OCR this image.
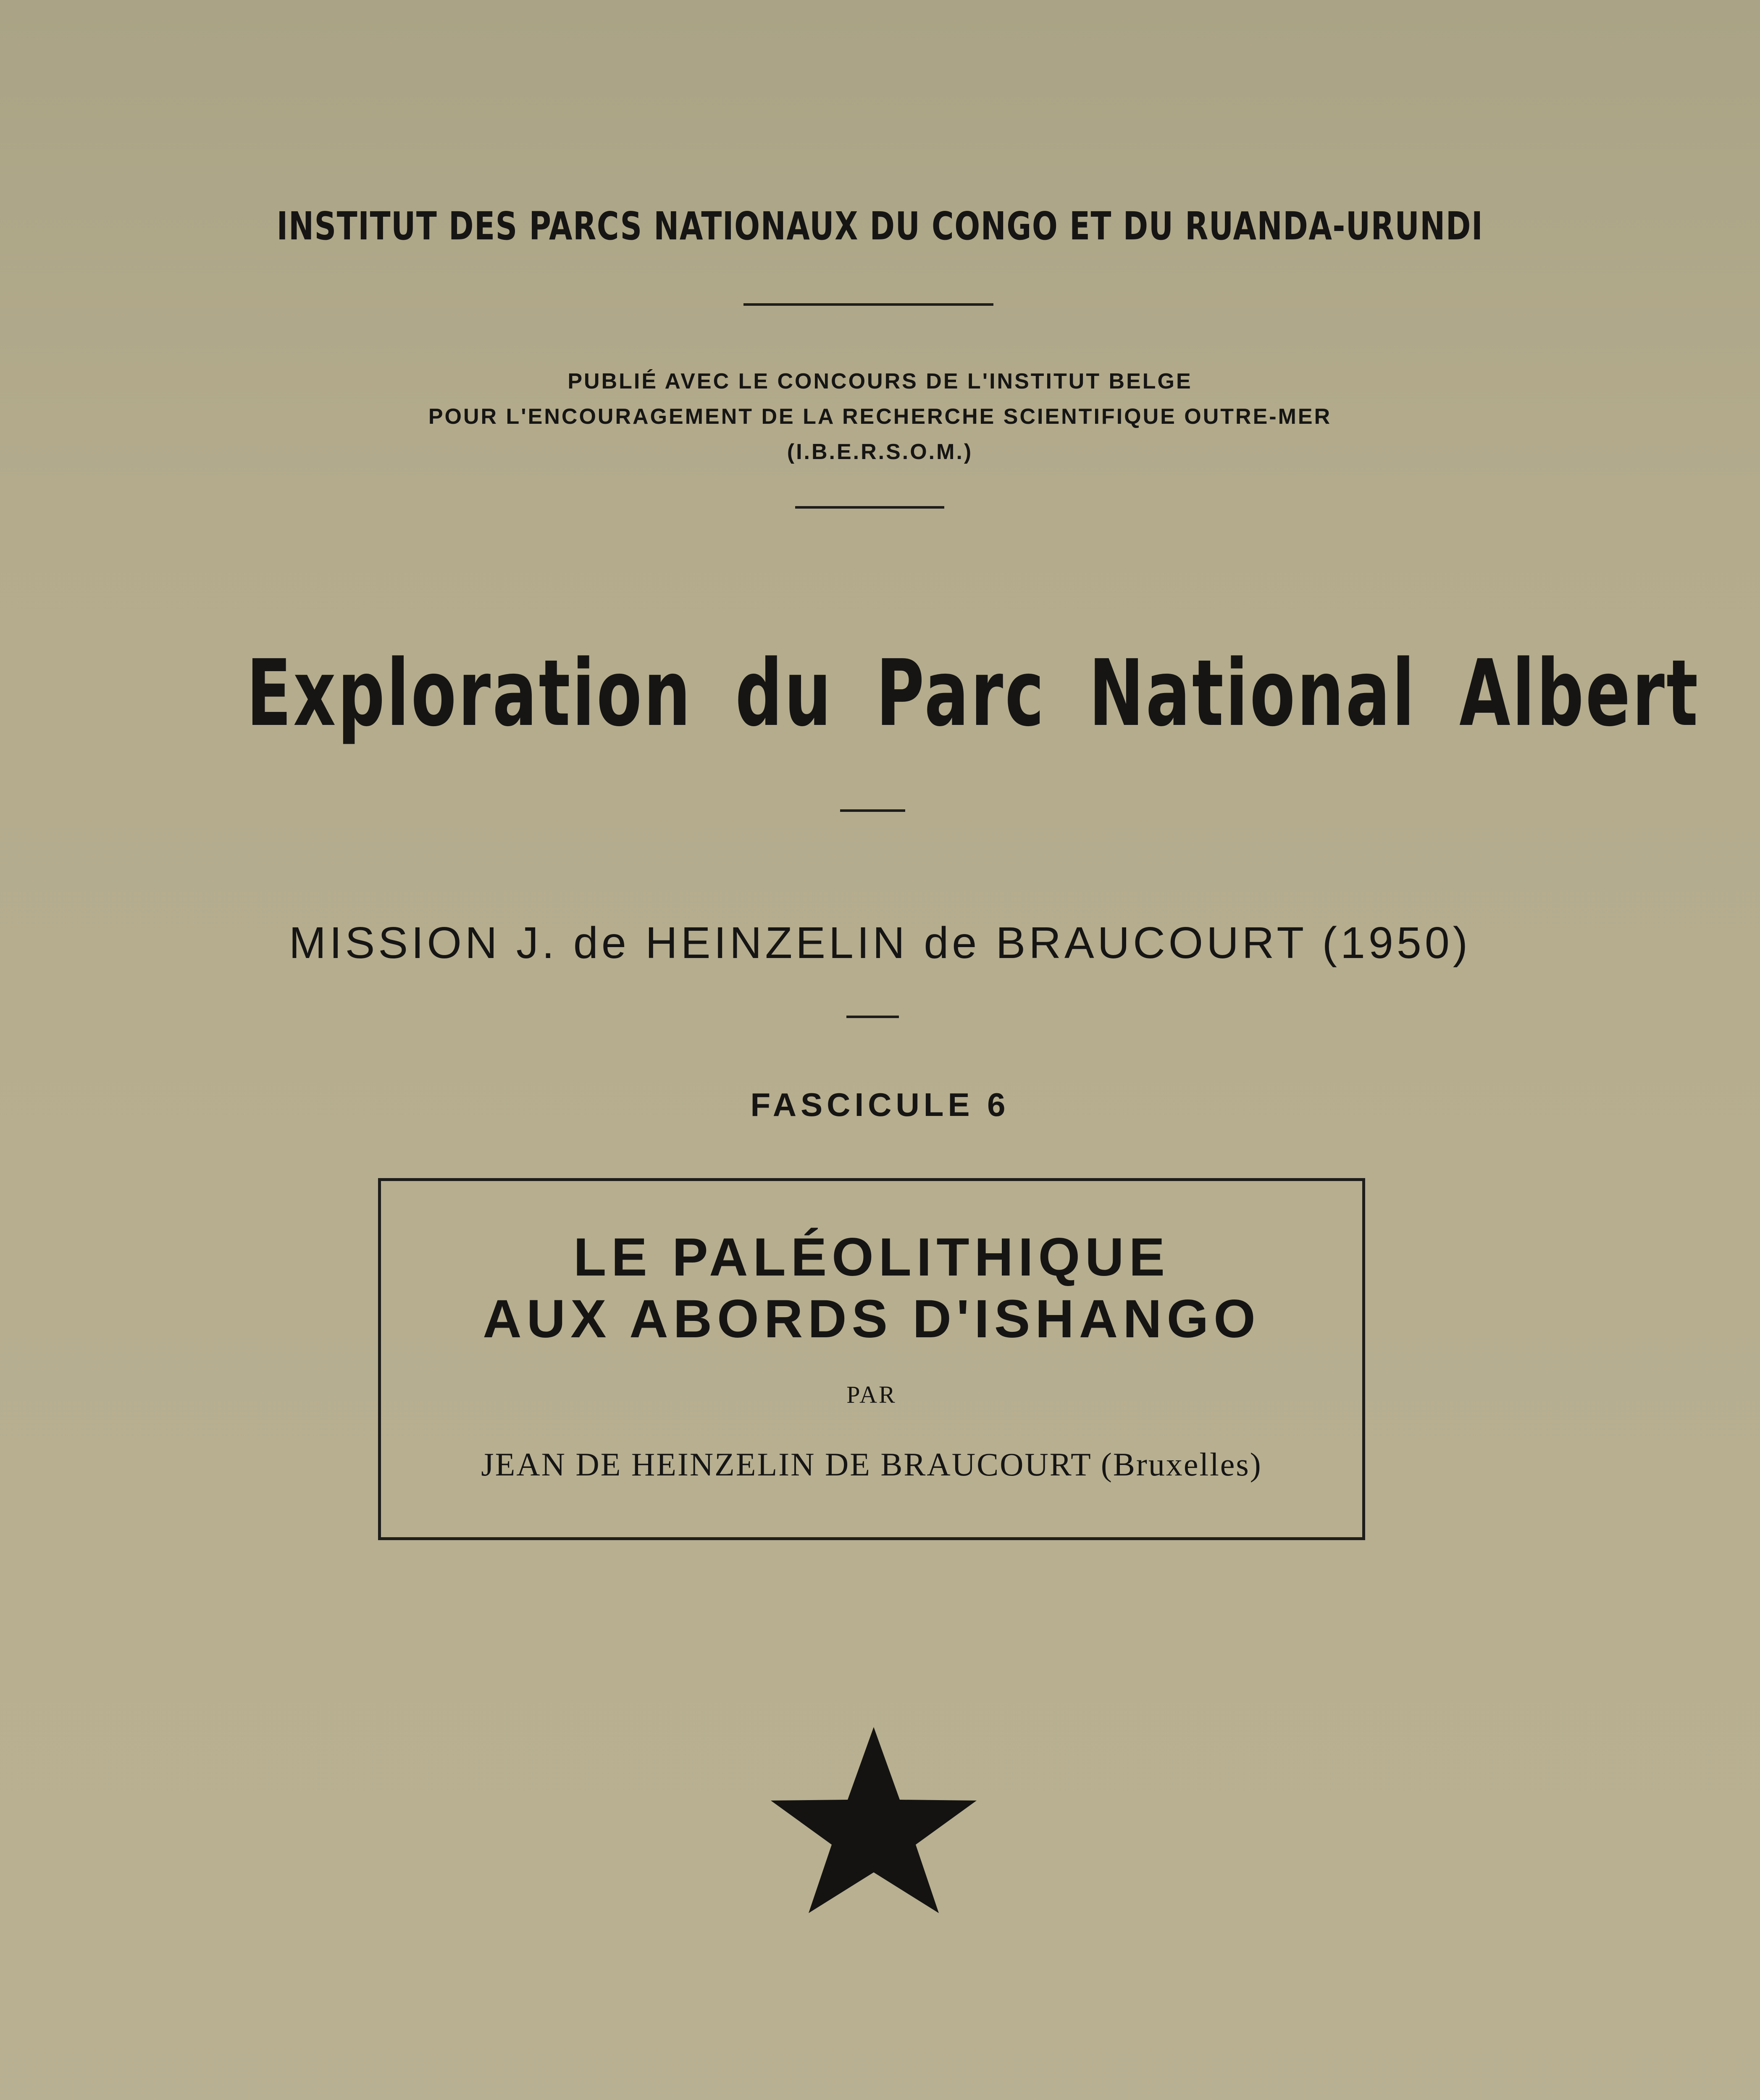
INSTITUT DES PARCS NATIONAUX DU CONGO ET DU RUANDA-URUNDI
PUBLIÉ AVEC LE CONCOURS DE L'INSTITUT BELGE
POUR L'ENCOURAGEMENT DE LA RECHERCHE SCIENTIFIQUE OUTRE-MER
(I.B.E.R.S.O.M.)
Exploration du Parc National Albert
MISSION J. de HEINZELIN de BRAUCOURT (1950)
FASCICULE 6
LE PALÉOLITHIQUE
AUX ABORDS D'ISHANGO
PAR
JEAN DE HEINZELIN DE BRAUCOURT (Bruxelles)
